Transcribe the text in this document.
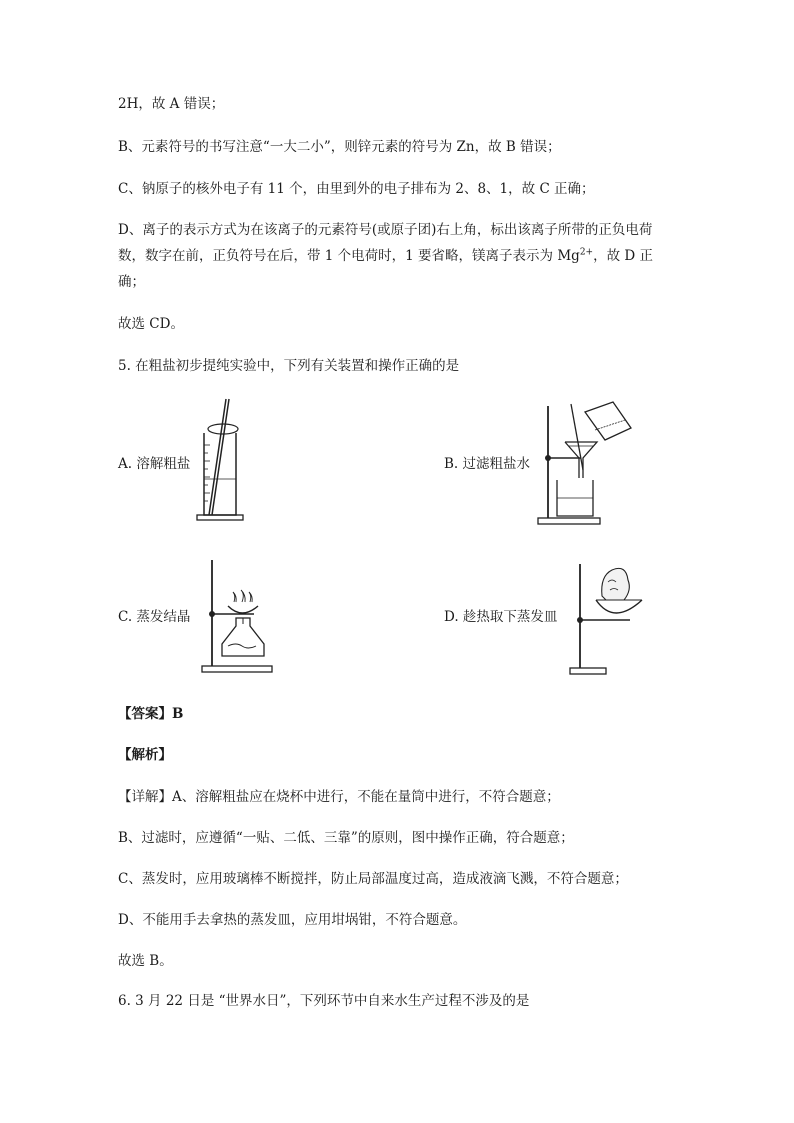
2H，故 A 错误；
B、元素符号的书写注意“一大二小”，则锌元素的符号为 Zn，故 B 错误；
C、钠原子的核外电子有 11 个，由里到外的电子排布为 2、8、1，故 C 正确；
D、离子的表示方式为在该离子的元素符号(或原子团)右上角，标出该离子所带的正负电荷
数，数字在前，正负符号在后，带 1 个电荷时，1 要省略，镁离子表示为 $Mg^{2+}$，故 D 正
确；
故选 CD。
5. 在粗盐初步提纯实验中，下列有关装置和操作正确的是
A. 溶解粗盐	B. 过滤粗盐水
C. 蒸发结晶	D. 趁热取下蒸发皿
【答案】B
【解析】
【详解】A、溶解粗盐应在烧杯中进行，不能在量筒中进行，不符合题意；
B、过滤时，应遵循“一贴、二低、三靠”的原则，图中操作正确，符合题意；
C、蒸发时，应用玻璃棒不断搅拌，防止局部温度过高，造成液滴飞溅，不符合题意；
D、不能用手去拿热的蒸发皿，应用坩埚钳，不符合题意。
故选 B。
6. 3 月 22 日是 “世界水日”，下列环节中自来水生产过程不涉及的是
